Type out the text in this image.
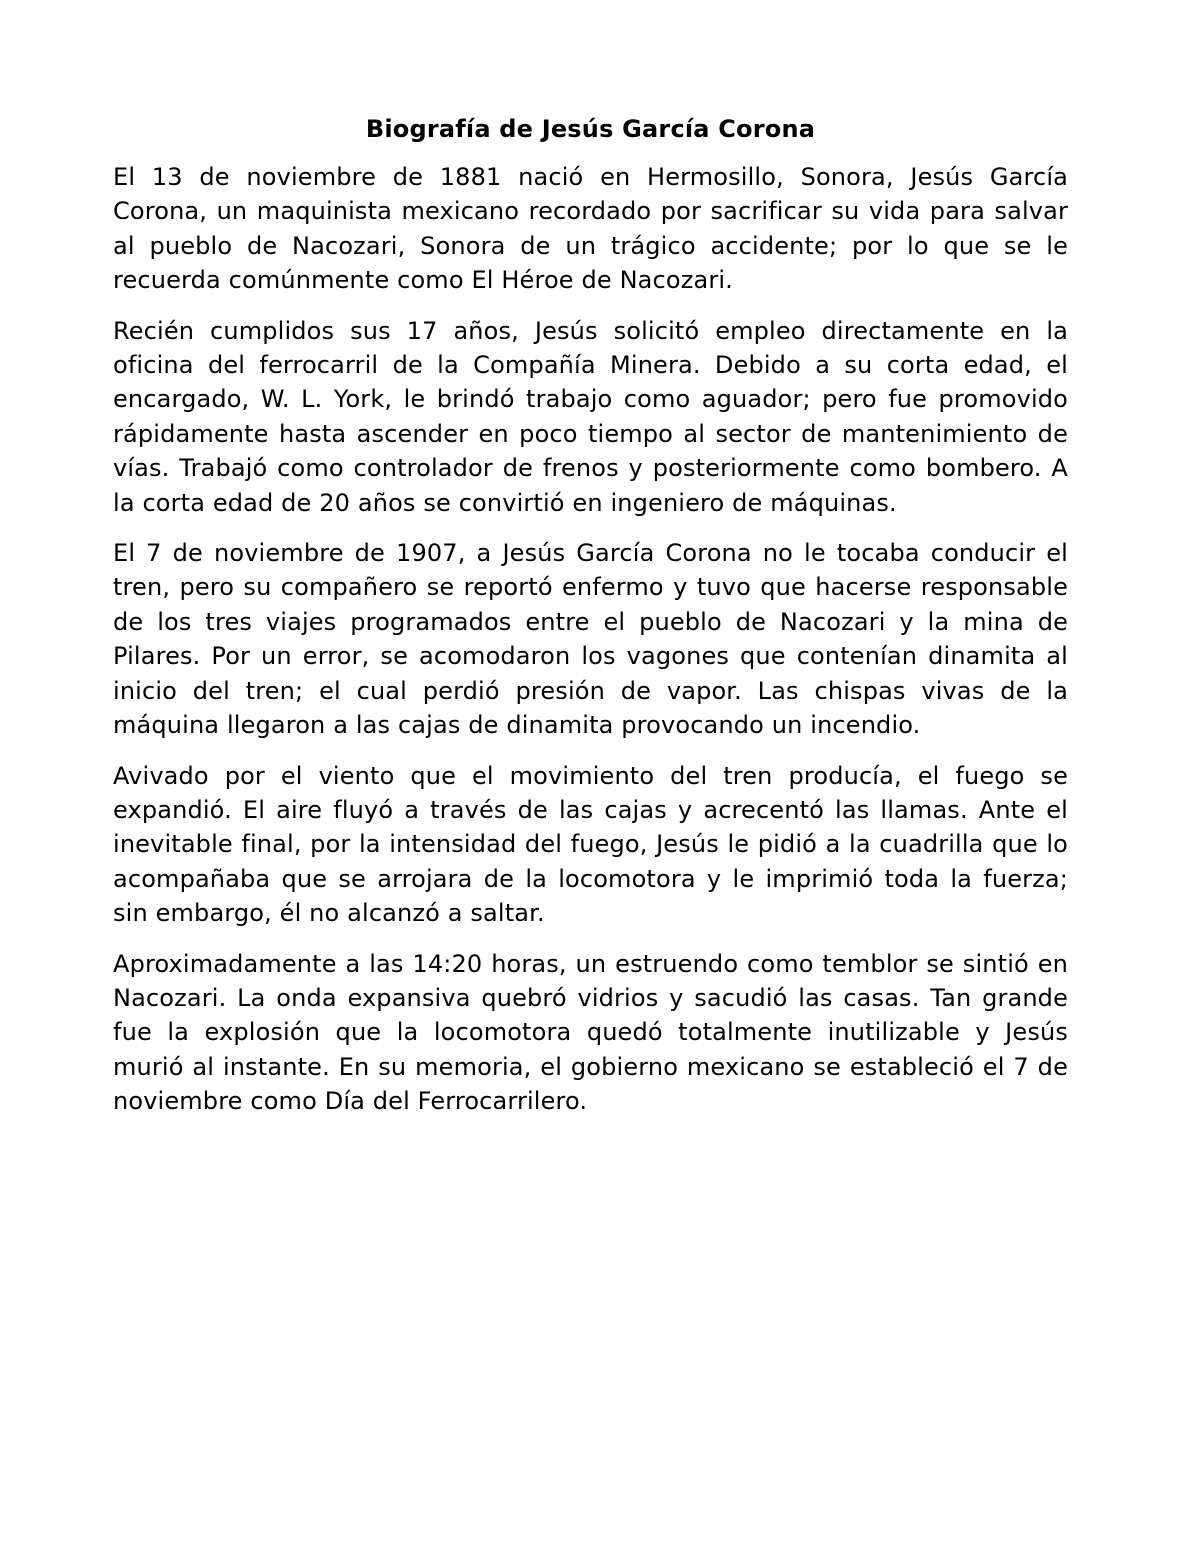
Biografía de Jesús García Corona

El 13 de noviembre de 1881 nació en Hermosillo, Sonora, Jesús García Corona, un maquinista mexicano recordado por sacrificar su vida para salvar al pueblo de Nacozari, Sonora de un trágico accidente; por lo que se le recuerda comúnmente como El Héroe de Nacozari.

Recién cumplidos sus 17 años, Jesús solicitó empleo directamente en la oficina del ferrocarril de la Compañía Minera. Debido a su corta edad, el encargado, W. L. York, le brindó trabajo como aguador; pero fue promovido rápidamente hasta ascender en poco tiempo al sector de mantenimiento de vías. Trabajó como controlador de frenos y posteriormente como bombero. A la corta edad de 20 años se convirtió en ingeniero de máquinas.

El 7 de noviembre de 1907, a Jesús García Corona no le tocaba conducir el tren, pero su compañero se reportó enfermo y tuvo que hacerse responsable de los tres viajes programados entre el pueblo de Nacozari y la mina de Pilares. Por un error, se acomodaron los vagones que contenían dinamita al inicio del tren; el cual perdió presión de vapor. Las chispas vivas de la máquina llegaron a las cajas de dinamita provocando un incendio.

Avivado por el viento que el movimiento del tren producía, el fuego se expandió. El aire fluyó a través de las cajas y acrecentó las llamas. Ante el inevitable final, por la intensidad del fuego, Jesús le pidió a la cuadrilla que lo acompañaba que se arrojara de la locomotora y le imprimió toda la fuerza; sin embargo, él no alcanzó a saltar.

Aproximadamente a las 14:20 horas, un estruendo como temblor se sintió en Nacozari. La onda expansiva quebró vidrios y sacudió las casas. Tan grande fue la explosión que la locomotora quedó totalmente inutilizable y Jesús murió al instante. En su memoria, el gobierno mexicano se estableció el 7 de noviembre como Día del Ferrocarrilero.
